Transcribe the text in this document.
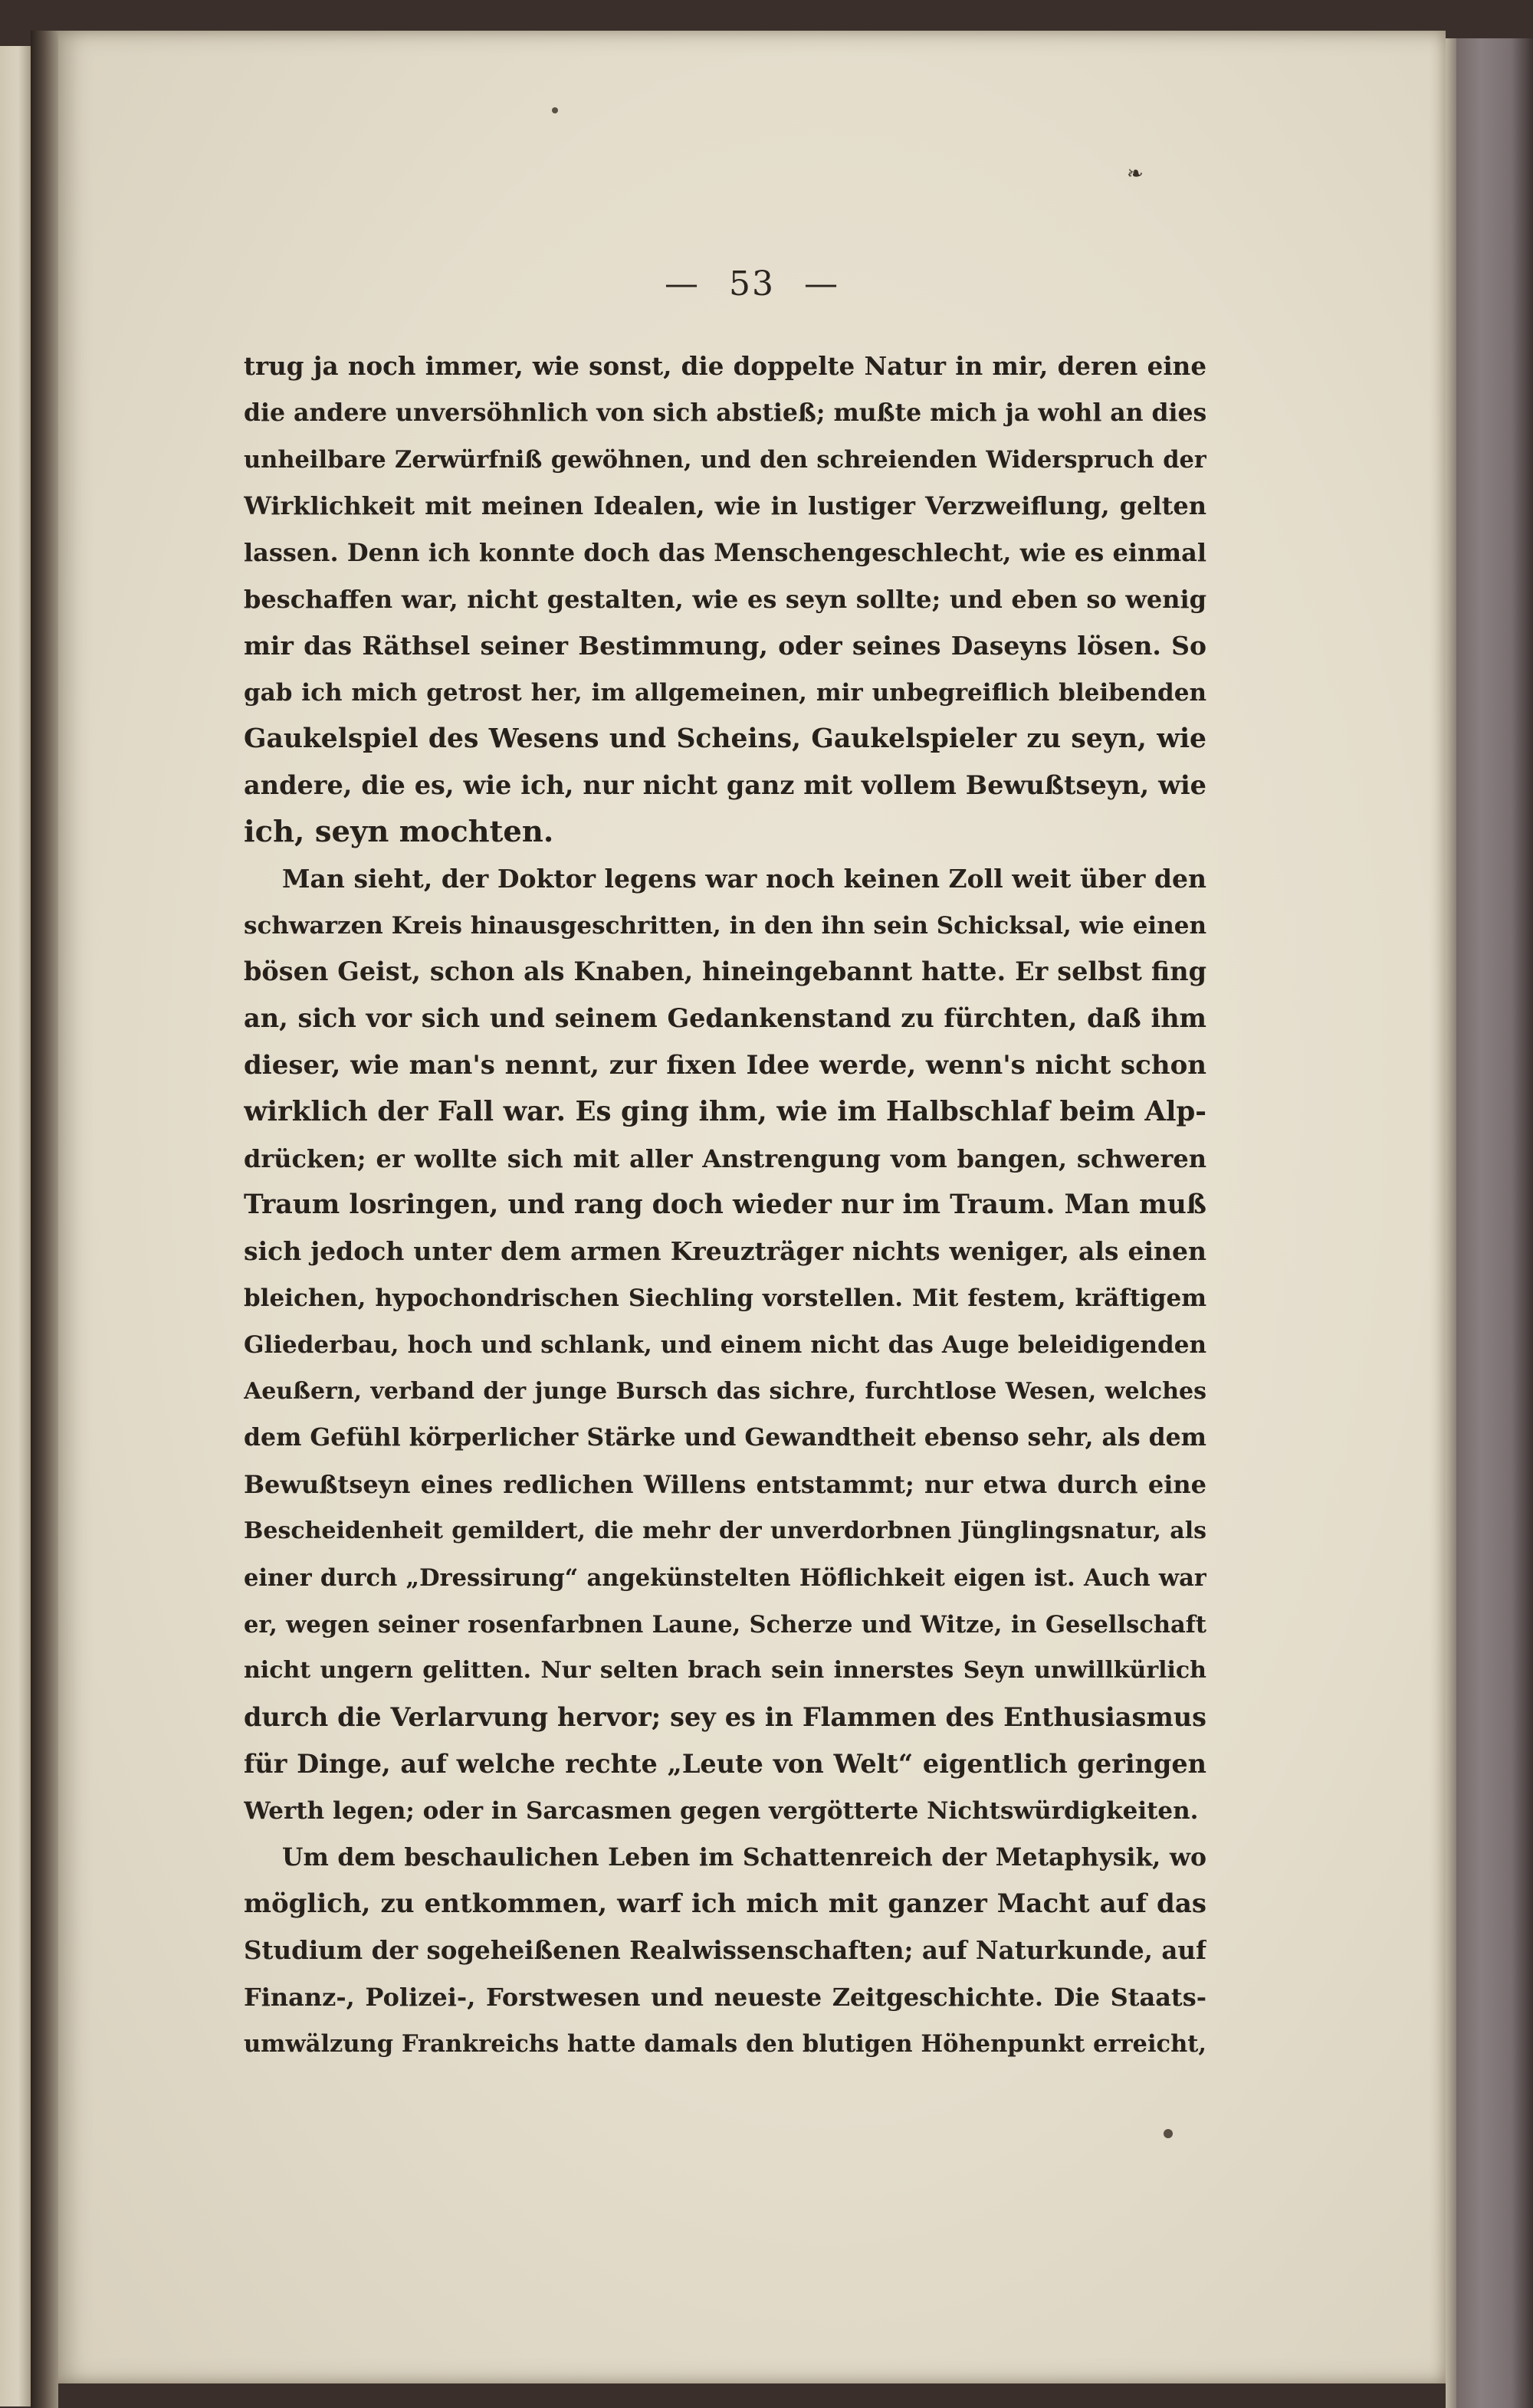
❧
— 53 —
trug ja noch immer, wie sonst, die doppelte Natur in mir, deren eine
die andere unversöhnlich von sich abstieß; mußte mich ja wohl an dies
unheilbare Zerwürfniß gewöhnen, und den schreienden Widerspruch der
Wirklichkeit mit meinen Idealen, wie in lustiger Verzweiflung, gelten
lassen. Denn ich konnte doch das Menschengeschlecht, wie es einmal
beschaffen war, nicht gestalten, wie es seyn sollte; und eben so wenig
mir das Räthsel seiner Bestimmung, oder seines Daseyns lösen. So
gab ich mich getrost her, im allgemeinen, mir unbegreiflich bleibenden
Gaukelspiel des Wesens und Scheins, Gaukelspieler zu seyn, wie
andere, die es, wie ich, nur nicht ganz mit vollem Bewußtseyn, wie
ich, seyn mochten.
Man sieht, der Doktor legens war noch keinen Zoll weit über den
schwarzen Kreis hinausgeschritten, in den ihn sein Schicksal, wie einen
bösen Geist, schon als Knaben, hineingebannt hatte. Er selbst fing
an, sich vor sich und seinem Gedankenstand zu fürchten, daß ihm
dieser, wie man's nennt, zur fixen Idee werde, wenn's nicht schon
wirklich der Fall war. Es ging ihm, wie im Halbschlaf beim Alp-
drücken; er wollte sich mit aller Anstrengung vom bangen, schweren
Traum losringen, und rang doch wieder nur im Traum. Man muß
sich jedoch unter dem armen Kreuzträger nichts weniger, als einen
bleichen, hypochondrischen Siechling vorstellen. Mit festem, kräftigem
Gliederbau, hoch und schlank, und einem nicht das Auge beleidigenden
Aeußern, verband der junge Bursch das sichre, furchtlose Wesen, welches
dem Gefühl körperlicher Stärke und Gewandtheit ebenso sehr, als dem
Bewußtseyn eines redlichen Willens entstammt; nur etwa durch eine
Bescheidenheit gemildert, die mehr der unverdorbnen Jünglingsnatur, als
einer durch „Dressirung“ angekünstelten Höflichkeit eigen ist. Auch war
er, wegen seiner rosenfarbnen Laune, Scherze und Witze, in Gesellschaft
nicht ungern gelitten. Nur selten brach sein innerstes Seyn unwillkürlich
durch die Verlarvung hervor; sey es in Flammen des Enthusiasmus
für Dinge, auf welche rechte „Leute von Welt“ eigentlich geringen
Werth legen; oder in Sarcasmen gegen vergötterte Nichtswürdigkeiten.
Um dem beschaulichen Leben im Schattenreich der Metaphysik, wo
möglich, zu entkommen, warf ich mich mit ganzer Macht auf das
Studium der sogeheißenen Realwissenschaften; auf Naturkunde, auf
Finanz-, Polizei-, Forstwesen und neueste Zeitgeschichte. Die Staats-
umwälzung Frankreichs hatte damals den blutigen Höhenpunkt erreicht,
